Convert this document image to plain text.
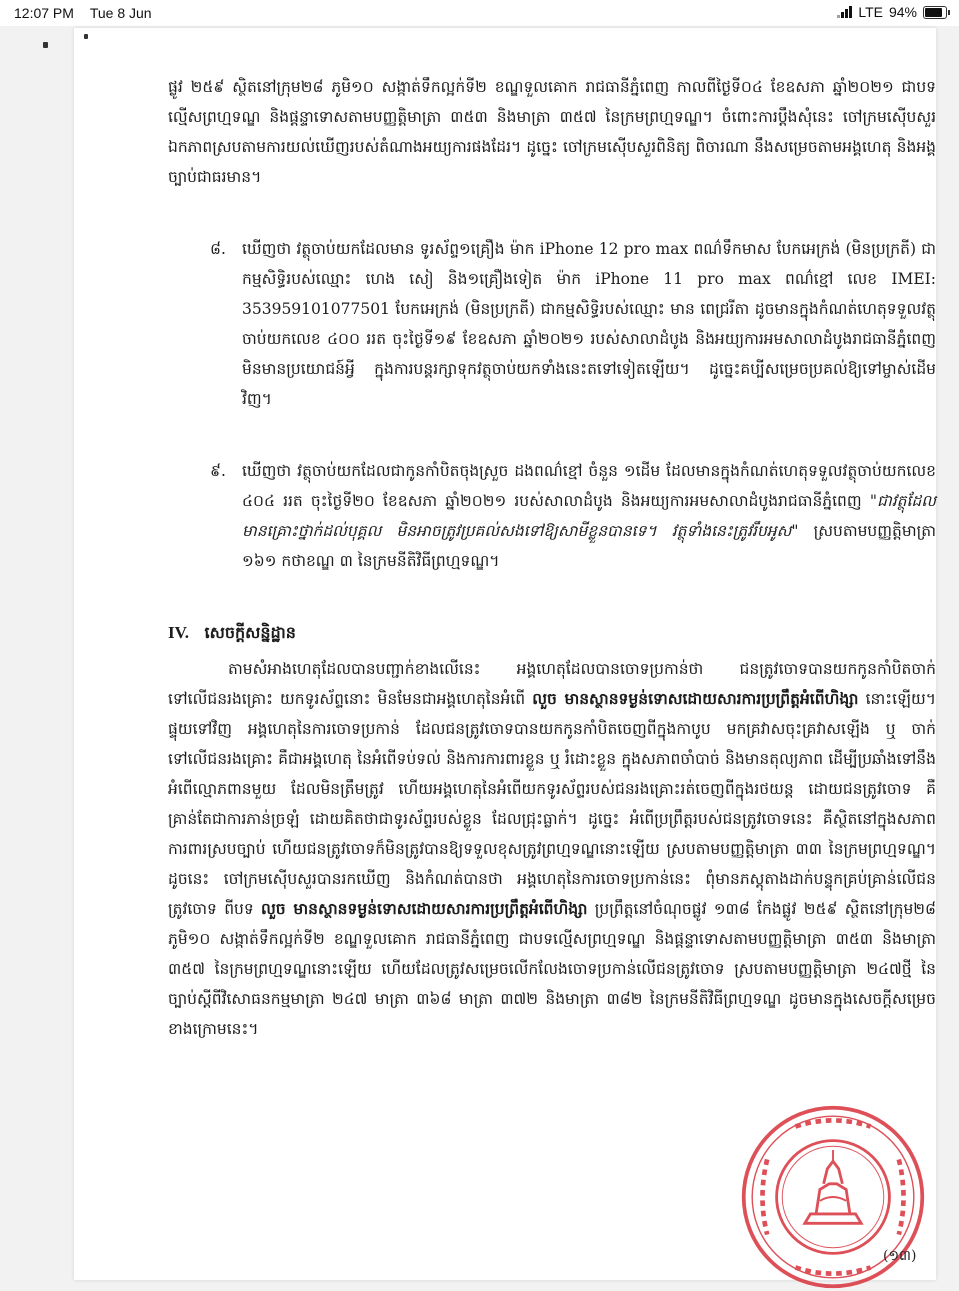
12:07 PM Tue 8 Jun	LTE 94%

ផ្លូវ ២៥៩ ស្ថិតនៅក្រុម២៨ ភូមិ១០ សង្កាត់ទឹកល្អក់ទី២ ខណ្ឌទួលគោក រាជធានីភ្នំពេញ កាលពីថ្ងៃទី០៤ ខែឧសភា ឆ្នាំ២០២១ ជាបទល្មើសព្រហ្មទណ្ឌ និងផ្តន្ទាទោសតាមបញ្ញត្តិមាត្រា ៣៥៣ និងមាត្រា ៣៥៧ នៃក្រមព្រហ្មទណ្ឌ។ ចំពោះការប្តឹងសុំនេះ ចៅក្រមស៊ើបសួរឯកភាពស្របតាមការយល់ឃើញរបស់តំណាងអយ្យការផងដែរ។ ដូច្នេះ ចៅក្រមស៊ើបសួរពិនិត្យ ពិចារណា នឹងសម្រេចតាមអង្គហេតុ និងអង្គច្បាប់ជាធរមាន។

៨. ឃើញថា វត្ថុចាប់យកដែលមាន ទូរស័ព្ទ១គ្រឿង ម៉ាក iPhone 12 pro max ពណ៌ទឹកមាស បែកអេក្រង់ (មិនប្រក្រតី) ជាកម្មសិទ្ធិរបស់ឈ្មោះ ហេង សៀ និង១គ្រឿងទៀត ម៉ាក iPhone 11 pro max ពណ៌ខ្មៅ លេខ IMEI: 353959101077501 បែកអេក្រង់ (មិនប្រក្រតី) ជាកម្មសិទ្ធិរបស់ឈ្មោះ មាន ពេជ្ររីតា ដូចមានក្នុងកំណត់ហេតុទទួលវត្ថុចាប់យកលេខ ៤០០ ររត ចុះថ្ងៃទី១៩ ខែឧសភា ឆ្នាំ២០២១ របស់សាលាដំបូង និងអយ្យការអមសាលាដំបូងរាជធានីភ្នំពេញ មិនមានប្រយោជន៍អ្វី ក្នុងការបន្តរក្សាទុកវត្ថុចាប់យកទាំងនេះតទៅទៀតឡើយ។ ដូច្នេះគប្បីសម្រេចប្រគល់ឱ្យទៅម្ចាស់ដើមវិញ។
៩. ឃើញថា វត្ថុចាប់យកដែលជាកូនកាំបិតចុងស្រួច ដងពណ៌ខ្មៅ ចំនួន ១ដើម ដែលមានក្នុងកំណត់ហេតុទទួលវត្ថុចាប់យកលេខ ៤០៤ ររត ចុះថ្ងៃទី២០ ខែឧសភា ឆ្នាំ២០២១ របស់សាលាដំបូង និងអយ្យការអមសាលាដំបូងរាជធានីភ្នំពេញ "ជាវត្ថុដែលមានគ្រោះថ្នាក់ដល់បុគ្គល មិនអាចត្រូវប្រគល់សងទៅឱ្យសាមីខ្លួនបានទេ។ វត្ថុទាំងនេះត្រូវរឹបអូស" ស្របតាមបញ្ញត្តិមាត្រា ១៦១ កថាខណ្ឌ ៣ នៃក្រមនីតិវិធីព្រហ្មទណ្ឌ។
IV. សេចក្តីសន្និដ្ឋាន

តាមសំអាងហេតុដែលបានបញ្ជាក់ខាងលើនេះ អង្គហេតុដែលបានចោទប្រកាន់ថា ជនត្រូវចោទបានយកកូនកាំបិតចាក់ទៅលើជនរងគ្រោះ យកទូរស័ព្ទនោះ មិនមែនជាអង្គហេតុនៃអំពើ លួច មានស្ថានទម្ងន់ទោសដោយសារការប្រព្រឹត្តអំពើហិង្សា នោះឡើយ។ ផ្ទុយទៅវិញ អង្គហេតុនៃការចោទប្រកាន់ ដែលជនត្រូវចោទបានយកកូនកាំបិតចេញពីក្នុងកាបូប មកគ្រវាសចុះគ្រវាសឡើង ឬ ចាក់ទៅលើជនរងគ្រោះ គឺជាអង្គហេតុ នៃអំពើទប់ទល់ និងការការពារខ្លួន ឬ រំដោះខ្លួន ក្នុងសភាពចាំបាច់ និងមានតុល្យភាព ដើម្បីប្រឆាំងទៅនឹងអំពើល្មោភពានមួយ ដែលមិនត្រឹមត្រូវ ហើយអង្គហេតុនៃអំពើយកទូរស័ព្ទរបស់ជនរងគ្រោះរត់ចេញពីក្នុងរថយន្ត ដោយជនត្រូវចោទ គឺគ្រាន់តែជាការភាន់ច្រឡំ ដោយគិតថាជាទូរស័ព្ទរបស់ខ្លួន ដែលជ្រុះធ្លាក់។ ដូច្នេះ អំពើប្រព្រឹត្តរបស់ជនត្រូវចោទនេះ គឺស្ថិតនៅក្នុងសភាពការពារស្របច្បាប់ ហើយជនត្រូវចោទក៏មិនត្រូវបានឱ្យទទួលខុសត្រូវព្រហ្មទណ្ឌនោះឡើយ ស្របតាមបញ្ញត្តិមាត្រា ៣៣ នៃក្រមព្រហ្មទណ្ឌ។ ដូចនេះ ចៅក្រមស៊ើបសួរបានរកឃើញ និងកំណត់បានថា អង្គហេតុនៃការចោទប្រកាន់នេះ ពុំមានភស្តុតាងដាក់បន្ទុកគ្រប់គ្រាន់លើជនត្រូវចោទ ពីបទ លួច មានស្ថានទម្ងន់ទោសដោយសារការប្រព្រឹត្តអំពើហិង្សា ប្រព្រឹត្តនៅចំណុចផ្លូវ ១៣៨ កែងផ្លូវ ២៥៩ ស្ថិតនៅក្រុម២៨ ភូមិ១០ សង្កាត់ទឹកល្អក់ទី២ ខណ្ឌទួលគោក រាជធានីភ្នំពេញ ជាបទល្មើសព្រហ្មទណ្ឌ និងផ្តន្ទាទោសតាមបញ្ញត្តិមាត្រា ៣៥៣ និងមាត្រា ៣៥៧ នៃក្រមព្រហ្មទណ្ឌនោះឡើយ ហើយដែលត្រូវសម្រេចលើកលែងចោទប្រកាន់លើជនត្រូវចោទ ស្របតាមបញ្ញត្តិមាត្រា ២៤៧ថ្មី នៃច្បាប់ស្តីពីវិសោធនកម្មមាត្រា ២៤៧ មាត្រា ៣៦៨ មាត្រា ៣៧២ និងមាត្រា ៣៨២ នៃក្រមនីតិវិធីព្រហ្មទណ្ឌ ដូចមានក្នុងសេចក្តីសម្រេចខាងក្រោមនេះ។

(១៣)
